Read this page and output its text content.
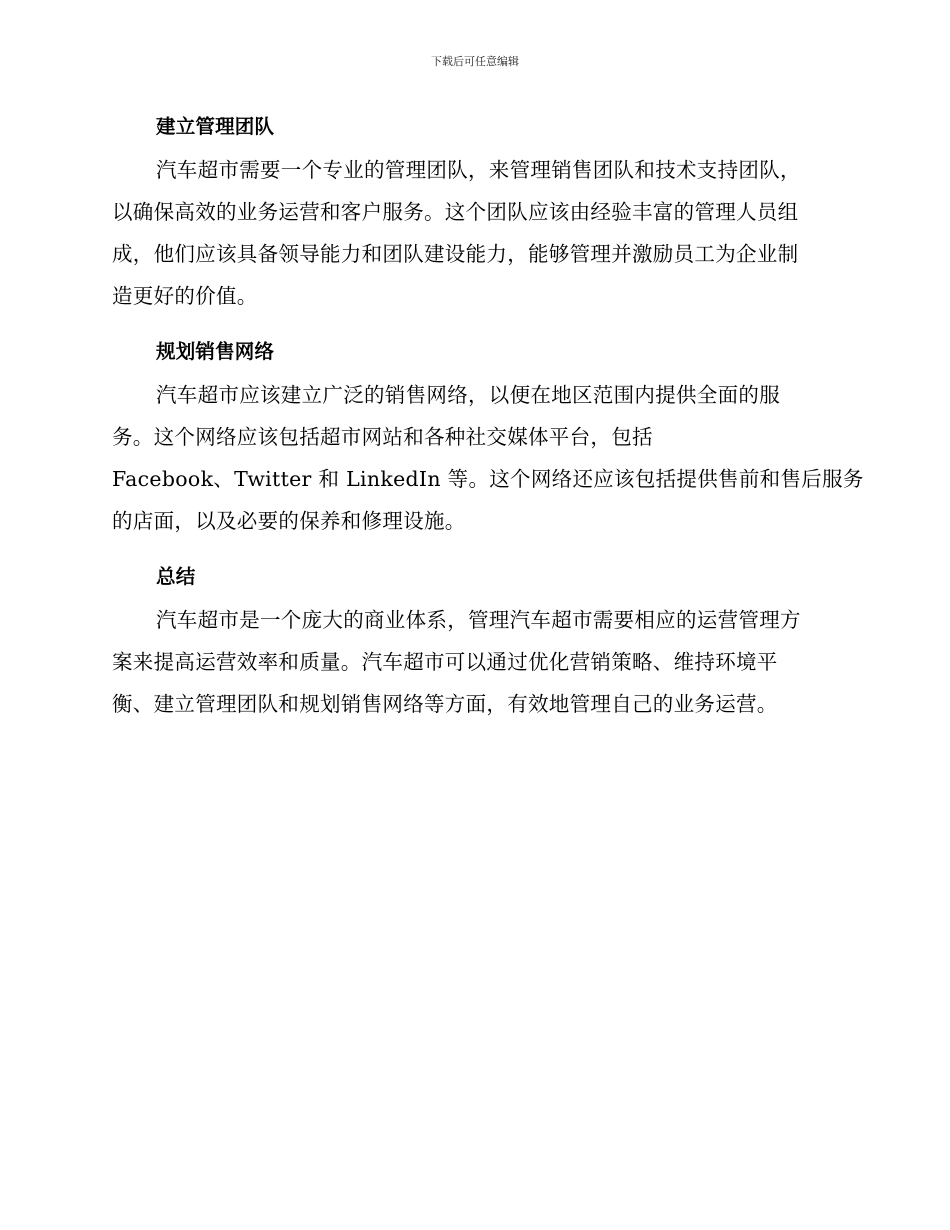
下载后可任意编辑
建立管理团队
汽车超市需要一个专业的管理团队，来管理销售团队和技术支持团队，
以确保高效的业务运营和客户服务。这个团队应该由经验丰富的管理人员组
成，他们应该具备领导能力和团队建设能力，能够管理并激励员工为企业制
造更好的价值。
规划销售网络
汽车超市应该建立广泛的销售网络，以便在地区范围内提供全面的服
务。这个网络应该包括超市网站和各种社交媒体平台，包括
Facebook、Twitter 和 LinkedIn 等。这个网络还应该包括提供售前和售后服务
的店面，以及必要的保养和修理设施。
总结
汽车超市是一个庞大的商业体系，管理汽车超市需要相应的运营管理方
案来提高运营效率和质量。汽车超市可以通过优化营销策略、维持环境平
衡、建立管理团队和规划销售网络等方面，有效地管理自己的业务运营。
